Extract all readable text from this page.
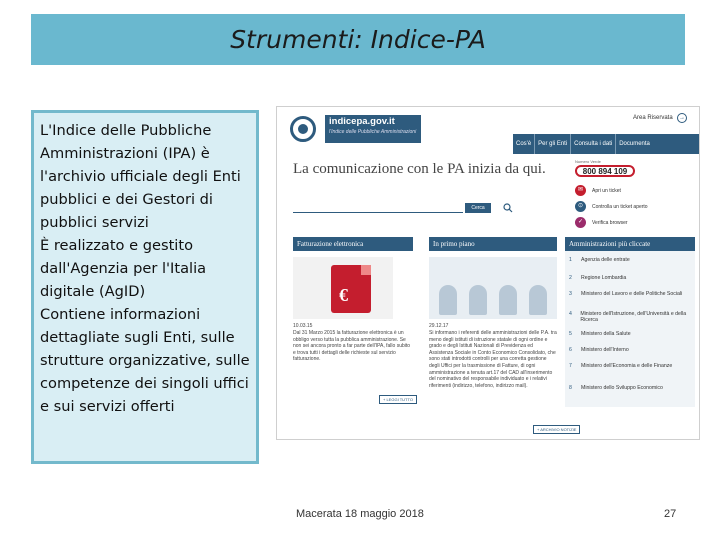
Strumenti: Indice-PA

L'Indice delle Pubbliche Amministrazioni (IPA) è l'archivio ufficiale degli Enti pubblici e dei Gestori di pubblici servizi
È realizzato e gestito dall'Agenzia per l'Italia digitale (AgID)
Contiene informazioni dettagliate sugli Enti, sulle strutture organizzative, sulle competenze dei singoli uffici e sui servizi offerti

indicepa.gov.it
l'Indice delle Pubbliche Amministrazioni
Area Riservata	→
Cos'è	Per gli Enti	Consulta i dati	Documenta
La comunicazione con le PA inizia da qui.
Cerca
Numero Verde
800 894 109
✉	Apri un ticket
⊙	Controlla un ticket aperto
✓	Verifica browser
Fatturazione elettronica	In primo piano	Amministrazioni più cliccate
€
10.03.15
Dal 31 Marzo 2015 la fatturazione elettronica è un obbligo verso tutta la pubblica amministrazione. Se non sei ancora pronto a far parte dell'IPA, fallo subito e trova tutti i dettagli delle richieste sul servizio fatturazione.
+ LEGGI TUTTO
29.12.17
Si informano i referenti delle amministrazioni delle P.A. tra meno degli istituti di istruzione statale di ogni ordine e grado e degli Istituti Nazionali di Previdenza ed Assistenza Sociale in Conto Economico Consolidato, che sono stati introdotti controlli per una corretta gestione degli Uffici per la trasmissione di Fatture, di ogni amministrazione a tenuta art.17 del CAD all'inserimento del nominativo del responsabile individuato e i relativi riferimenti (indirizzo, telefono, indirizzo mail).
+ ARCHIVIO NOTIZIE
1	Agenzia delle entrate
2	Regione Lombardia
3	Ministero del Lavoro e delle Politiche Sociali
4	Ministero dell'Istruzione, dell'Università e della Ricerca
5	Ministero della Salute
6	Ministero dell'Interno
7	Ministero dell'Economia e delle Finanze
8	Ministero dello Sviluppo Economico
Macerata 18 maggio 2018	27
